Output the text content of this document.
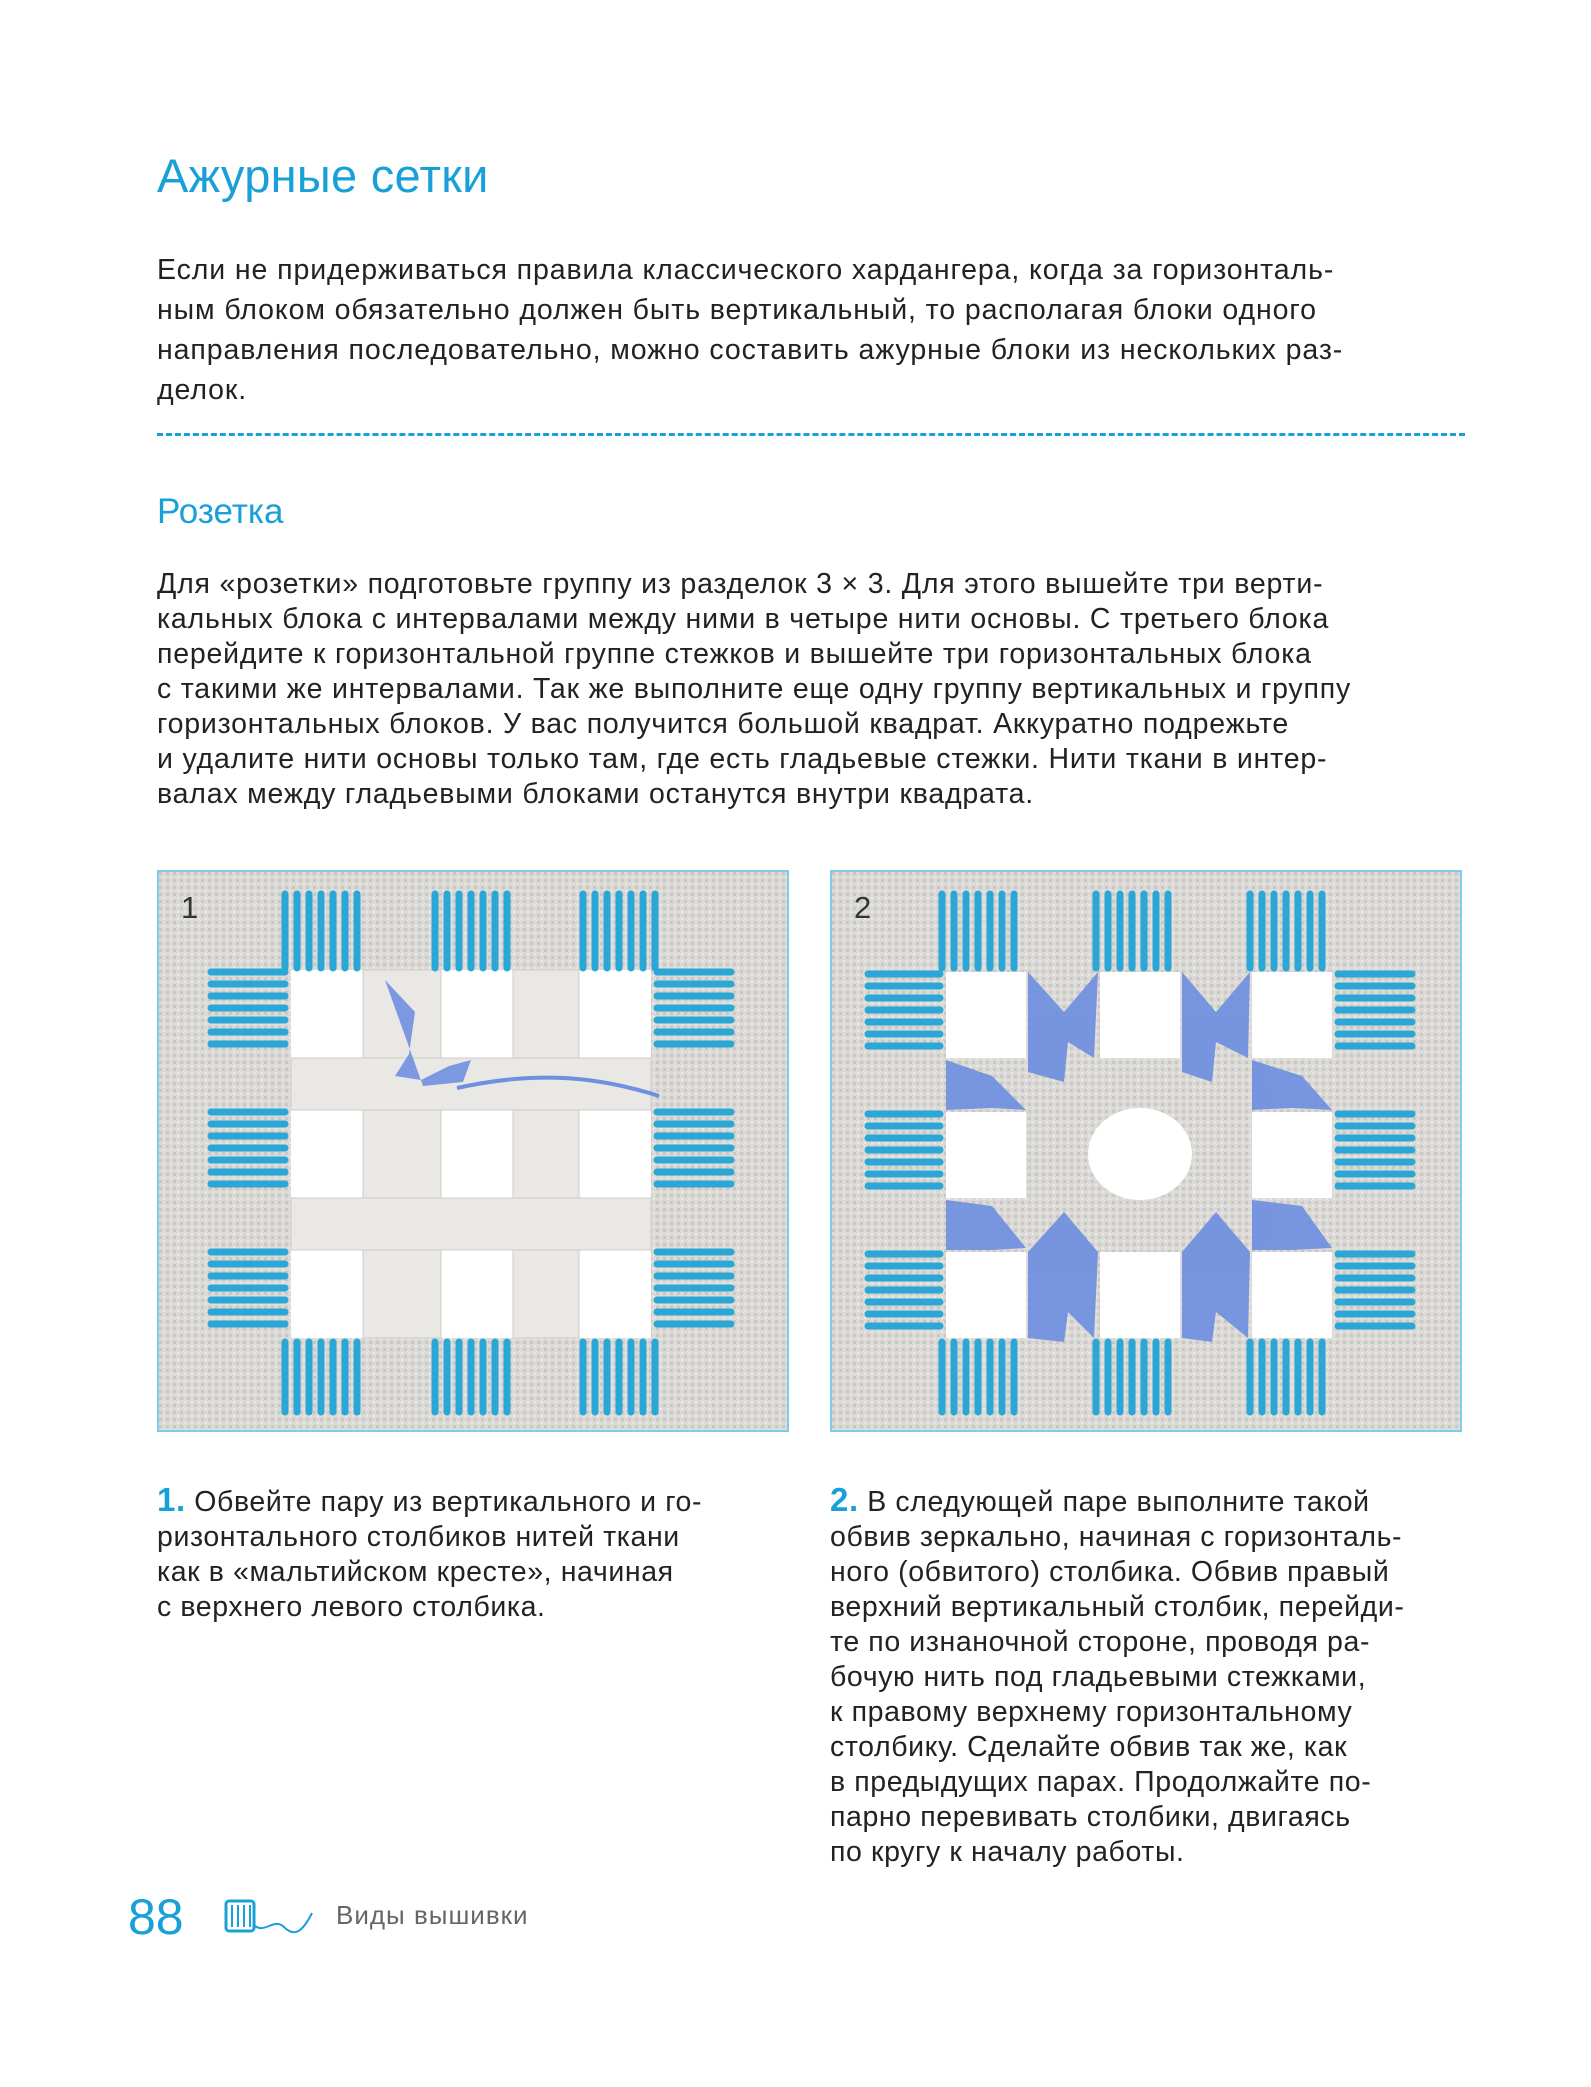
Ажурные сетки
Если не придерживаться правила классического хардангера, когда за горизонталь-
ным блоком обязательно должен быть вертикальный, то располагая блоки одного
направления последовательно, можно составить ажурные блоки из нескольких раз-
делок.
Розетка
Для «розетки» подготовьте группу из разделок 3 × 3. Для этого вышейте три верти-
кальных блока с интервалами между ними в четыре нити основы. С третьего блока
перейдите к горизонтальной группе стежков и вышейте три горизонтальных блока
с такими же интервалами. Так же выполните еще одну группу вертикальных и группу
горизонтальных блоков. У вас получится большой квадрат. Аккуратно подрежьте
и удалите нити основы только там, где есть гладьевые стежки. Нити ткани в интер-
валах между гладьевыми блоками останутся внутри квадрата.
1	2
1. Обвейте пару из вертикального и го-
ризонтального столбиков нитей ткани
как в «мальтийском кресте», начиная
с верхнего левого столбика.
2. В следующей паре выполните такой
обвив зеркально, начиная с горизонталь-
ного (обвитого) столбика. Обвив правый
верхний вертикальный столбик, перейди-
те по изнаночной стороне, проводя ра-
бочую нить под гладьевыми стежками,
к правому верхнему горизонтальному
столбику. Сделайте обвив так же, как
в предыдущих парах. Продолжайте по-
парно перевивать столбики, двигаясь
по кругу к началу работы.
88	Виды вышивки
